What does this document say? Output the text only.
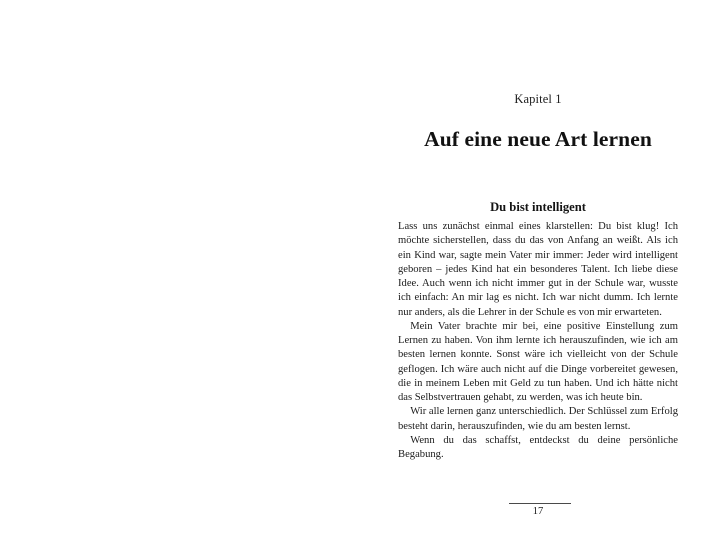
Kapitel 1
Auf eine neue Art lernen
Du bist intelligent

Lass uns zunächst einmal eines klarstellen: Du bist klug! Ich möchte sicherstellen, dass du das von Anfang an weißt. Als ich ein Kind war, sagte mein Vater mir immer: Jeder wird intelligent geboren – jedes Kind hat ein besonderes Talent. Ich liebe diese Idee. Auch wenn ich nicht immer gut in der Schule war, wusste ich einfach: An mir lag es nicht. Ich war nicht dumm. Ich lernte nur anders, als die Lehrer in der Schule es von mir erwarteten.

Mein Vater brachte mir bei, eine positive Einstellung zum Lernen zu haben. Von ihm lernte ich herauszufinden, wie ich am besten lernen konnte. Sonst wäre ich vielleicht von der Schule geflogen. Ich wäre auch nicht auf die Dinge vorbereitet gewesen, die in meinem Leben mit Geld zu tun haben. Und ich hätte nicht das Selbstvertrauen gehabt, zu werden, was ich heute bin.

Wir alle lernen ganz unterschiedlich. Der Schlüssel zum Erfolg besteht darin, herauszufinden, wie du am besten lernst.

Wenn du das schaffst, entdeckst du deine persönliche Begabung.

17
